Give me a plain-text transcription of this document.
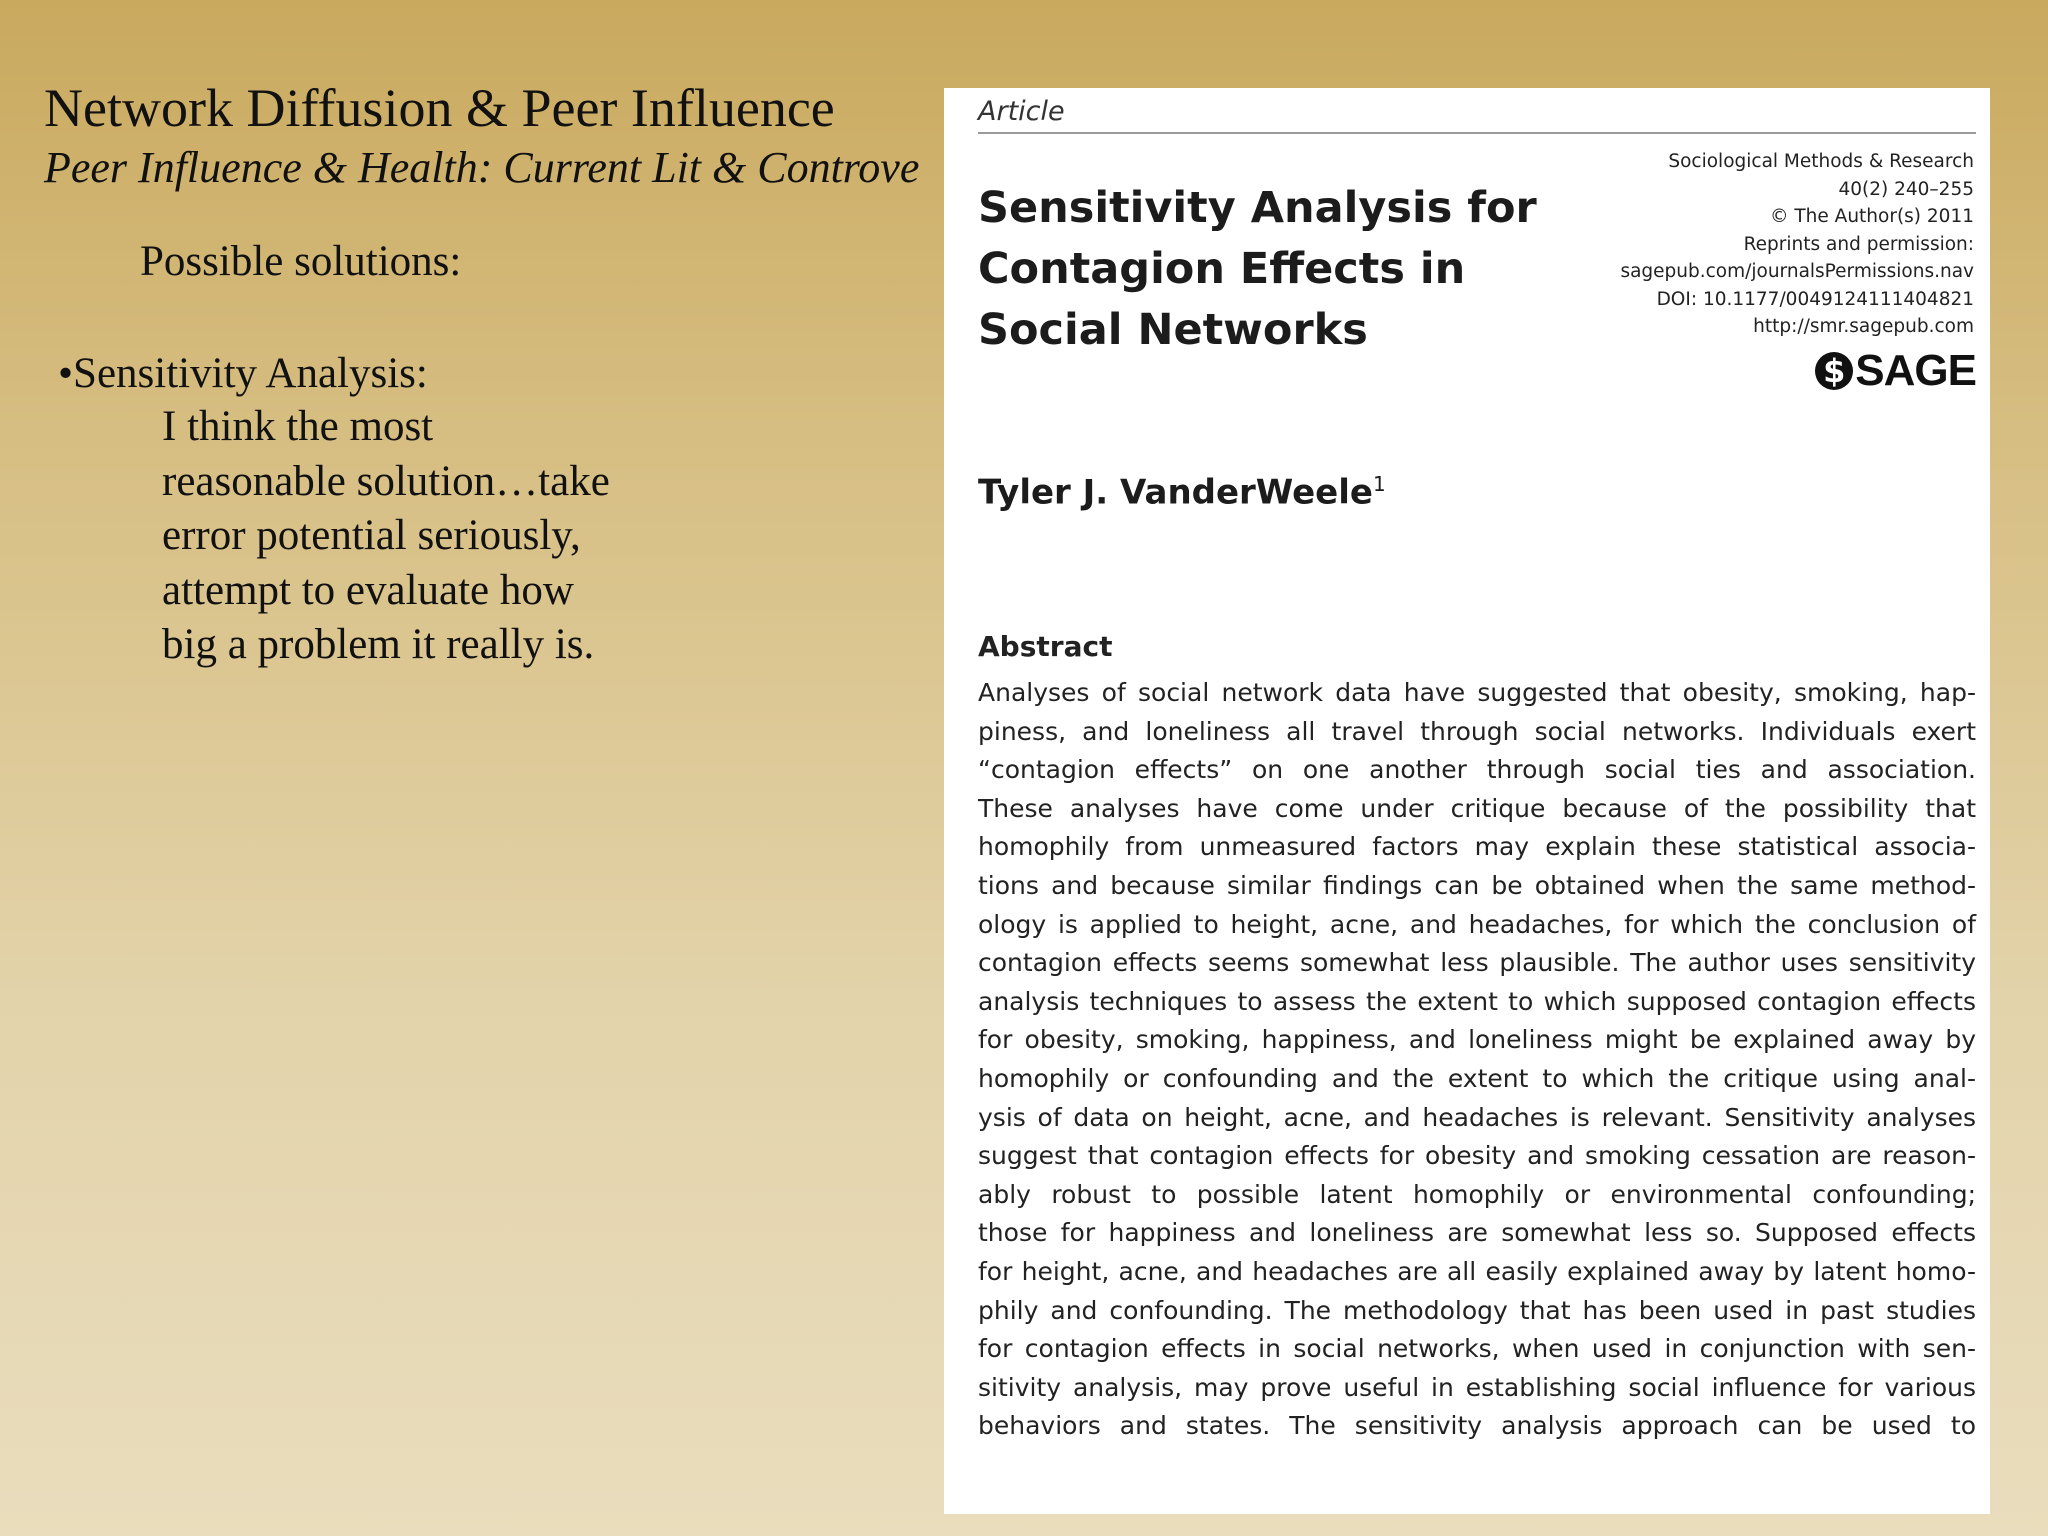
Network Diffusion & Peer Influence
Peer Influence & Health: Current Lit & Controve
Possible solutions:
•Sensitivity Analysis:
I think the most
reasonable solution…take
error potential seriously,
attempt to evaluate how
big a problem it really is.
Article
Sensitivity Analysis for
Contagion Effects in
Social Networks
Sociological Methods & Research
40(2) 240–255
© The Author(s) 2011
Reprints and permission:
sagepub.com/journalsPermissions.nav
DOI: 10.1177/0049124111404821
http://smr.sagepub.com
$ SAGE
Tyler J. VanderWeele$^1$
Abstract
Analyses of social network data have suggested that obesity, smoking, hap-
piness, and loneliness all travel through social networks. Individuals exert
“contagion effects” on one another through social ties and association.
These analyses have come under critique because of the possibility that
homophily from unmeasured factors may explain these statistical associa-
tions and because similar findings can be obtained when the same method-
ology is applied to height, acne, and headaches, for which the conclusion of
contagion effects seems somewhat less plausible. The author uses sensitivity
analysis techniques to assess the extent to which supposed contagion effects
for obesity, smoking, happiness, and loneliness might be explained away by
homophily or confounding and the extent to which the critique using anal-
ysis of data on height, acne, and headaches is relevant. Sensitivity analyses
suggest that contagion effects for obesity and smoking cessation are reason-
ably robust to possible latent homophily or environmental confounding;
those for happiness and loneliness are somewhat less so. Supposed effects
for height, acne, and headaches are all easily explained away by latent homo-
phily and confounding. The methodology that has been used in past studies
for contagion effects in social networks, when used in conjunction with sen-
sitivity analysis, may prove useful in establishing social influence for various
behaviors and states. The sensitivity analysis approach can be used to
